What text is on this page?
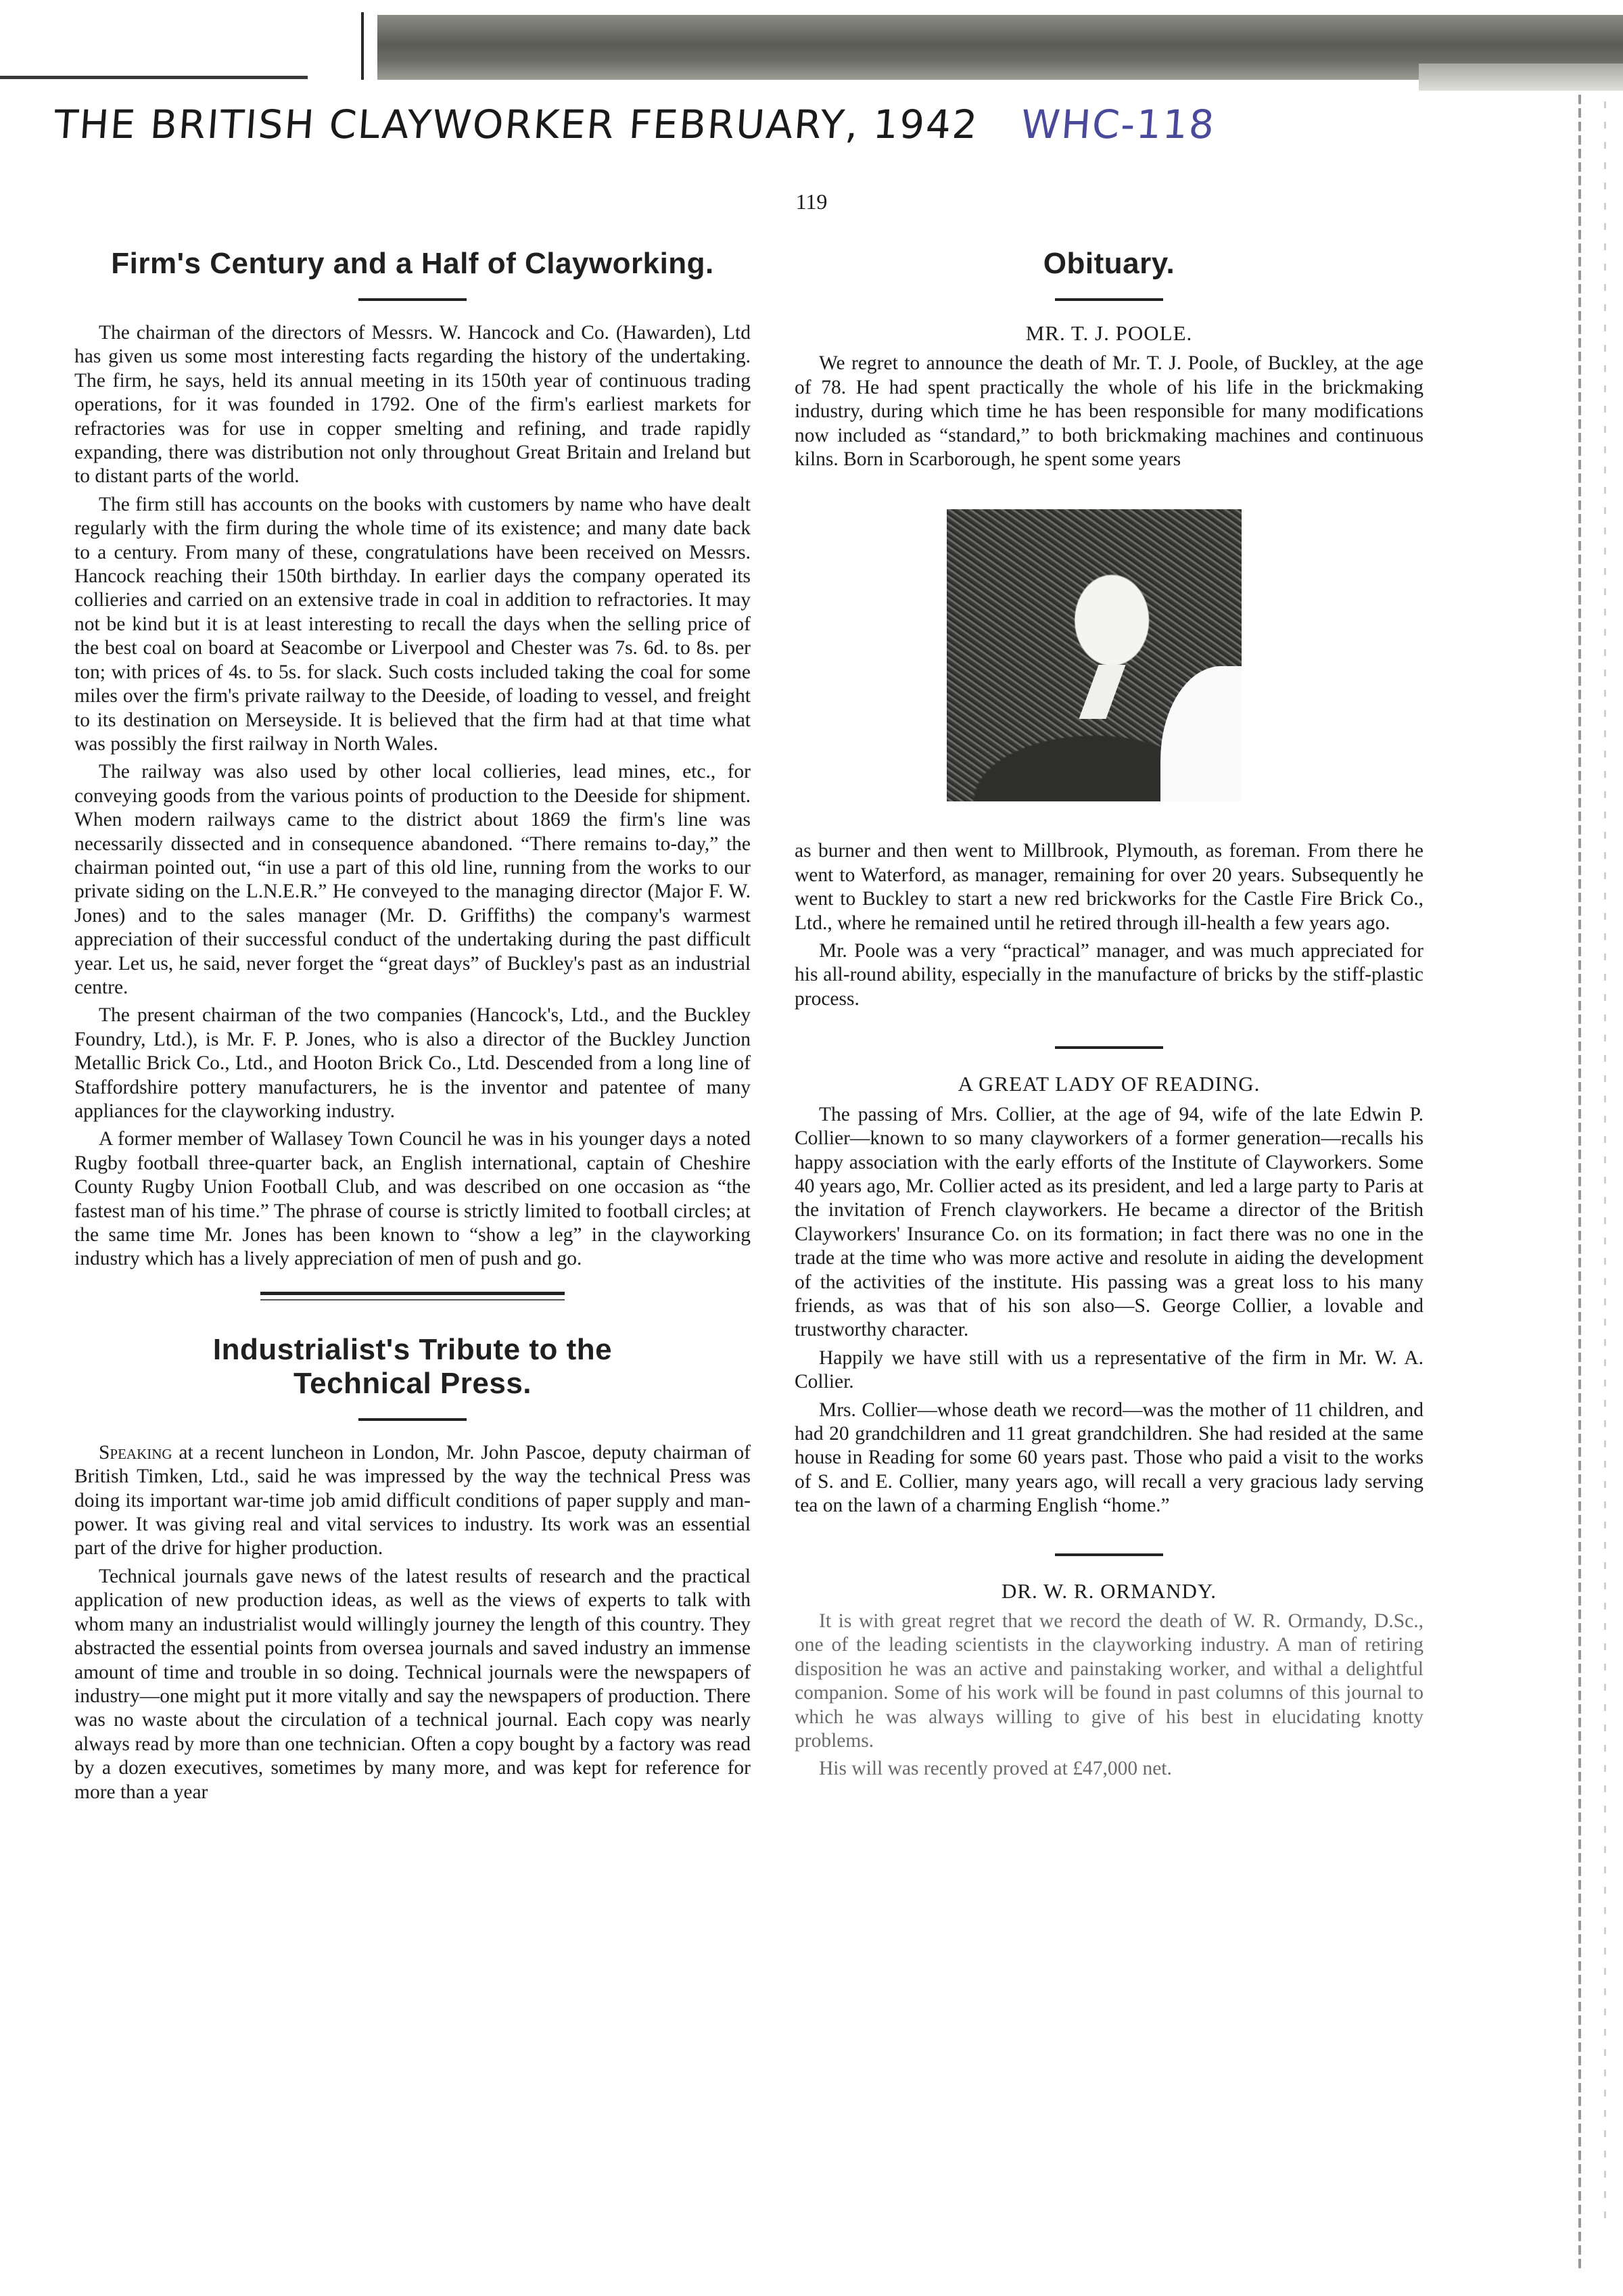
THE BRITISH CLAYWORKER FEBRUARY, 1942 WHC-118
119
Firm's Century and a Half of Clayworking.

The chairman of the directors of Messrs. W. Hancock and Co. (Hawarden), Ltd has given us some most interesting facts regarding the history of the undertaking. The firm, he says, held its annual meeting in its 150th year of continuous trading operations, for it was founded in 1792. One of the firm's earliest markets for refractories was for use in copper smelting and refining, and trade rapidly expanding, there was distribution not only throughout Great Britain and Ireland but to distant parts of the world.

The firm still has accounts on the books with customers by name who have dealt regularly with the firm during the whole time of its existence; and many date back to a century. From many of these, congratulations have been received on Messrs. Hancock reaching their 150th birthday. In earlier days the company operated its collieries and carried on an extensive trade in coal in addition to refractories. It may not be kind but it is at least interesting to recall the days when the selling price of the best coal on board at Seacombe or Liverpool and Chester was 7s. 6d. to 8s. per ton; with prices of 4s. to 5s. for slack. Such costs included taking the coal for some miles over the firm's private railway to the Deeside, of loading to vessel, and freight to its destination on Merseyside. It is believed that the firm had at that time what was possibly the first railway in North Wales.

The railway was also used by other local collieries, lead mines, etc., for conveying goods from the various points of production to the Deeside for shipment. When modern railways came to the district about 1869 the firm's line was necessarily dissected and in consequence abandoned. “There remains to-day,” the chairman pointed out, “in use a part of this old line, running from the works to our private siding on the L.N.E.R.” He conveyed to the managing director (Major F. W. Jones) and to the sales manager (Mr. D. Griffiths) the company's warmest appreciation of their successful conduct of the undertaking during the past difficult year. Let us, he said, never forget the “great days” of Buckley's past as an industrial centre.

The present chairman of the two companies (Hancock's, Ltd., and the Buckley Foundry, Ltd.), is Mr. F. P. Jones, who is also a director of the Buckley Junction Metallic Brick Co., Ltd., and Hooton Brick Co., Ltd. Descended from a long line of Staffordshire pottery manufacturers, he is the inventor and patentee of many appliances for the clayworking industry.

A former member of Wallasey Town Council he was in his younger days a noted Rugby football three-quarter back, an English international, captain of Cheshire County Rugby Union Football Club, and was described on one occasion as “the fastest man of his time.” The phrase of course is strictly limited to football circles; at the same time Mr. Jones has been known to “show a leg” in the clayworking industry which has a lively appreciation of men of push and go.

Industrialist's Tribute to the Technical Press.

Speaking at a recent luncheon in London, Mr. John Pascoe, deputy chairman of British Timken, Ltd., said he was impressed by the way the technical Press was doing its important war-time job amid difficult conditions of paper supply and man-power. It was giving real and vital services to industry. Its work was an essential part of the drive for higher production.

Technical journals gave news of the latest results of research and the practical application of new production ideas, as well as the views of experts to talk with whom many an industrialist would willingly journey the length of this country. They abstracted the essential points from oversea journals and saved industry an immense amount of time and trouble in so doing. Technical journals were the newspapers of industry—one might put it more vitally and say the newspapers of production. There was no waste about the circulation of a technical journal. Each copy was nearly always read by more than one technician. Often a copy bought by a factory was read by a dozen executives, sometimes by many more, and was kept for reference for more than a year

Obituary.
MR. T. J. POOLE.

We regret to announce the death of Mr. T. J. Poole, of Buckley, at the age of 78. He had spent practically the whole of his life in the brickmaking industry, during which time he has been responsible for many modifications now included as “standard,” to both brickmaking machines and continuous kilns. Born in Scarborough, he spent some years

as burner and then went to Millbrook, Plymouth, as foreman. From there he went to Waterford, as manager, remaining for over 20 years. Subsequently he went to Buckley to start a new red brickworks for the Castle Fire Brick Co., Ltd., where he remained until he retired through ill-health a few years ago.

Mr. Poole was a very “practical” manager, and was much appreciated for his all-round ability, especially in the manufacture of bricks by the stiff-plastic process.

A GREAT LADY OF READING.

The passing of Mrs. Collier, at the age of 94, wife of the late Edwin P. Collier—known to so many clayworkers of a former generation—recalls his happy association with the early efforts of the Institute of Clayworkers. Some 40 years ago, Mr. Collier acted as its president, and led a large party to Paris at the invitation of French clayworkers. He became a director of the British Clayworkers' Insurance Co. on its formation; in fact there was no one in the trade at the time who was more active and resolute in aiding the development of the activities of the institute. His passing was a great loss to his many friends, as was that of his son also—S. George Collier, a lovable and trustworthy character.

Happily we have still with us a representative of the firm in Mr. W. A. Collier.

Mrs. Collier—whose death we record—was the mother of 11 children, and had 20 grandchildren and 11 great grandchildren. She had resided at the same house in Reading for some 60 years past. Those who paid a visit to the works of S. and E. Collier, many years ago, will recall a very gracious lady serving tea on the lawn of a charming English “home.”

DR. W. R. ORMANDY.

It is with great regret that we record the death of W. R. Ormandy, D.Sc., one of the leading scientists in the clayworking industry. A man of retiring disposition he was an active and painstaking worker, and withal a delightful companion. Some of his work will be found in past columns of this journal to which he was always willing to give of his best in elucidating knotty problems.

His will was recently proved at £47,000 net.
